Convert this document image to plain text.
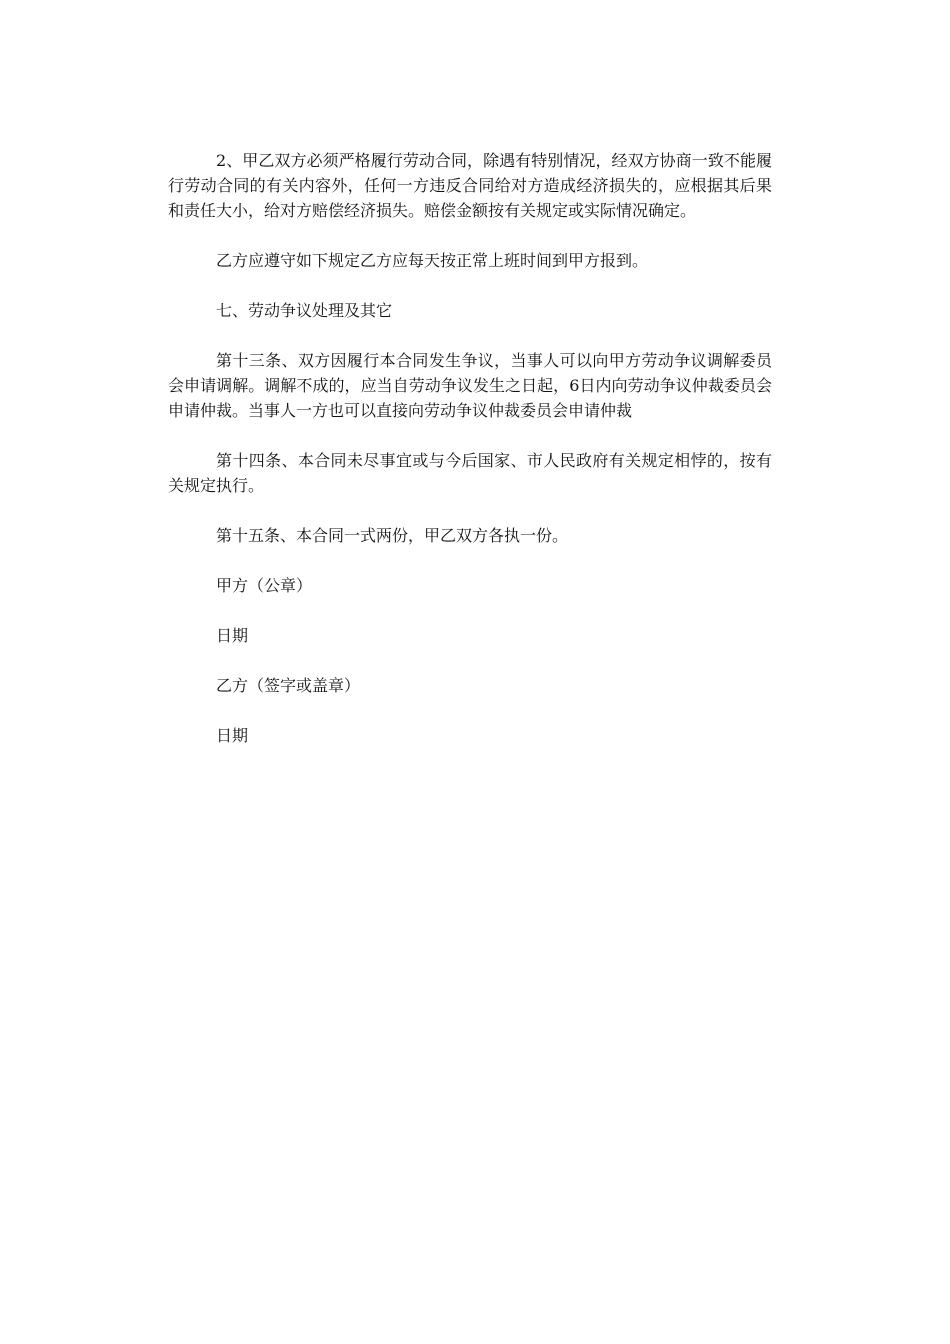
2、甲乙双方必须严格履行劳动合同，除遇有特别情况，经双方协商一致不能履行劳动合同的有关内容外，任何一方违反合同给对方造成经济损失的，应根据其后果和责任大小，给对方赔偿经济损失。赔偿金额按有关规定或实际情况确定。

乙方应遵守如下规定乙方应每天按正常上班时间到甲方报到。

七、劳动争议处理及其它

第十三条、双方因履行本合同发生争议，当事人可以向甲方劳动争议调解委员会申请调解。调解不成的，应当自劳动争议发生之日起，6日内向劳动争议仲裁委员会申请仲裁。当事人一方也可以直接向劳动争议仲裁委员会申请仲裁

第十四条、本合同未尽事宜或与今后国家、市人民政府有关规定相悖的，按有关规定执行。

第十五条、本合同一式两份，甲乙双方各执一份。

甲方（公章）

日期

乙方（签字或盖章）

日期
